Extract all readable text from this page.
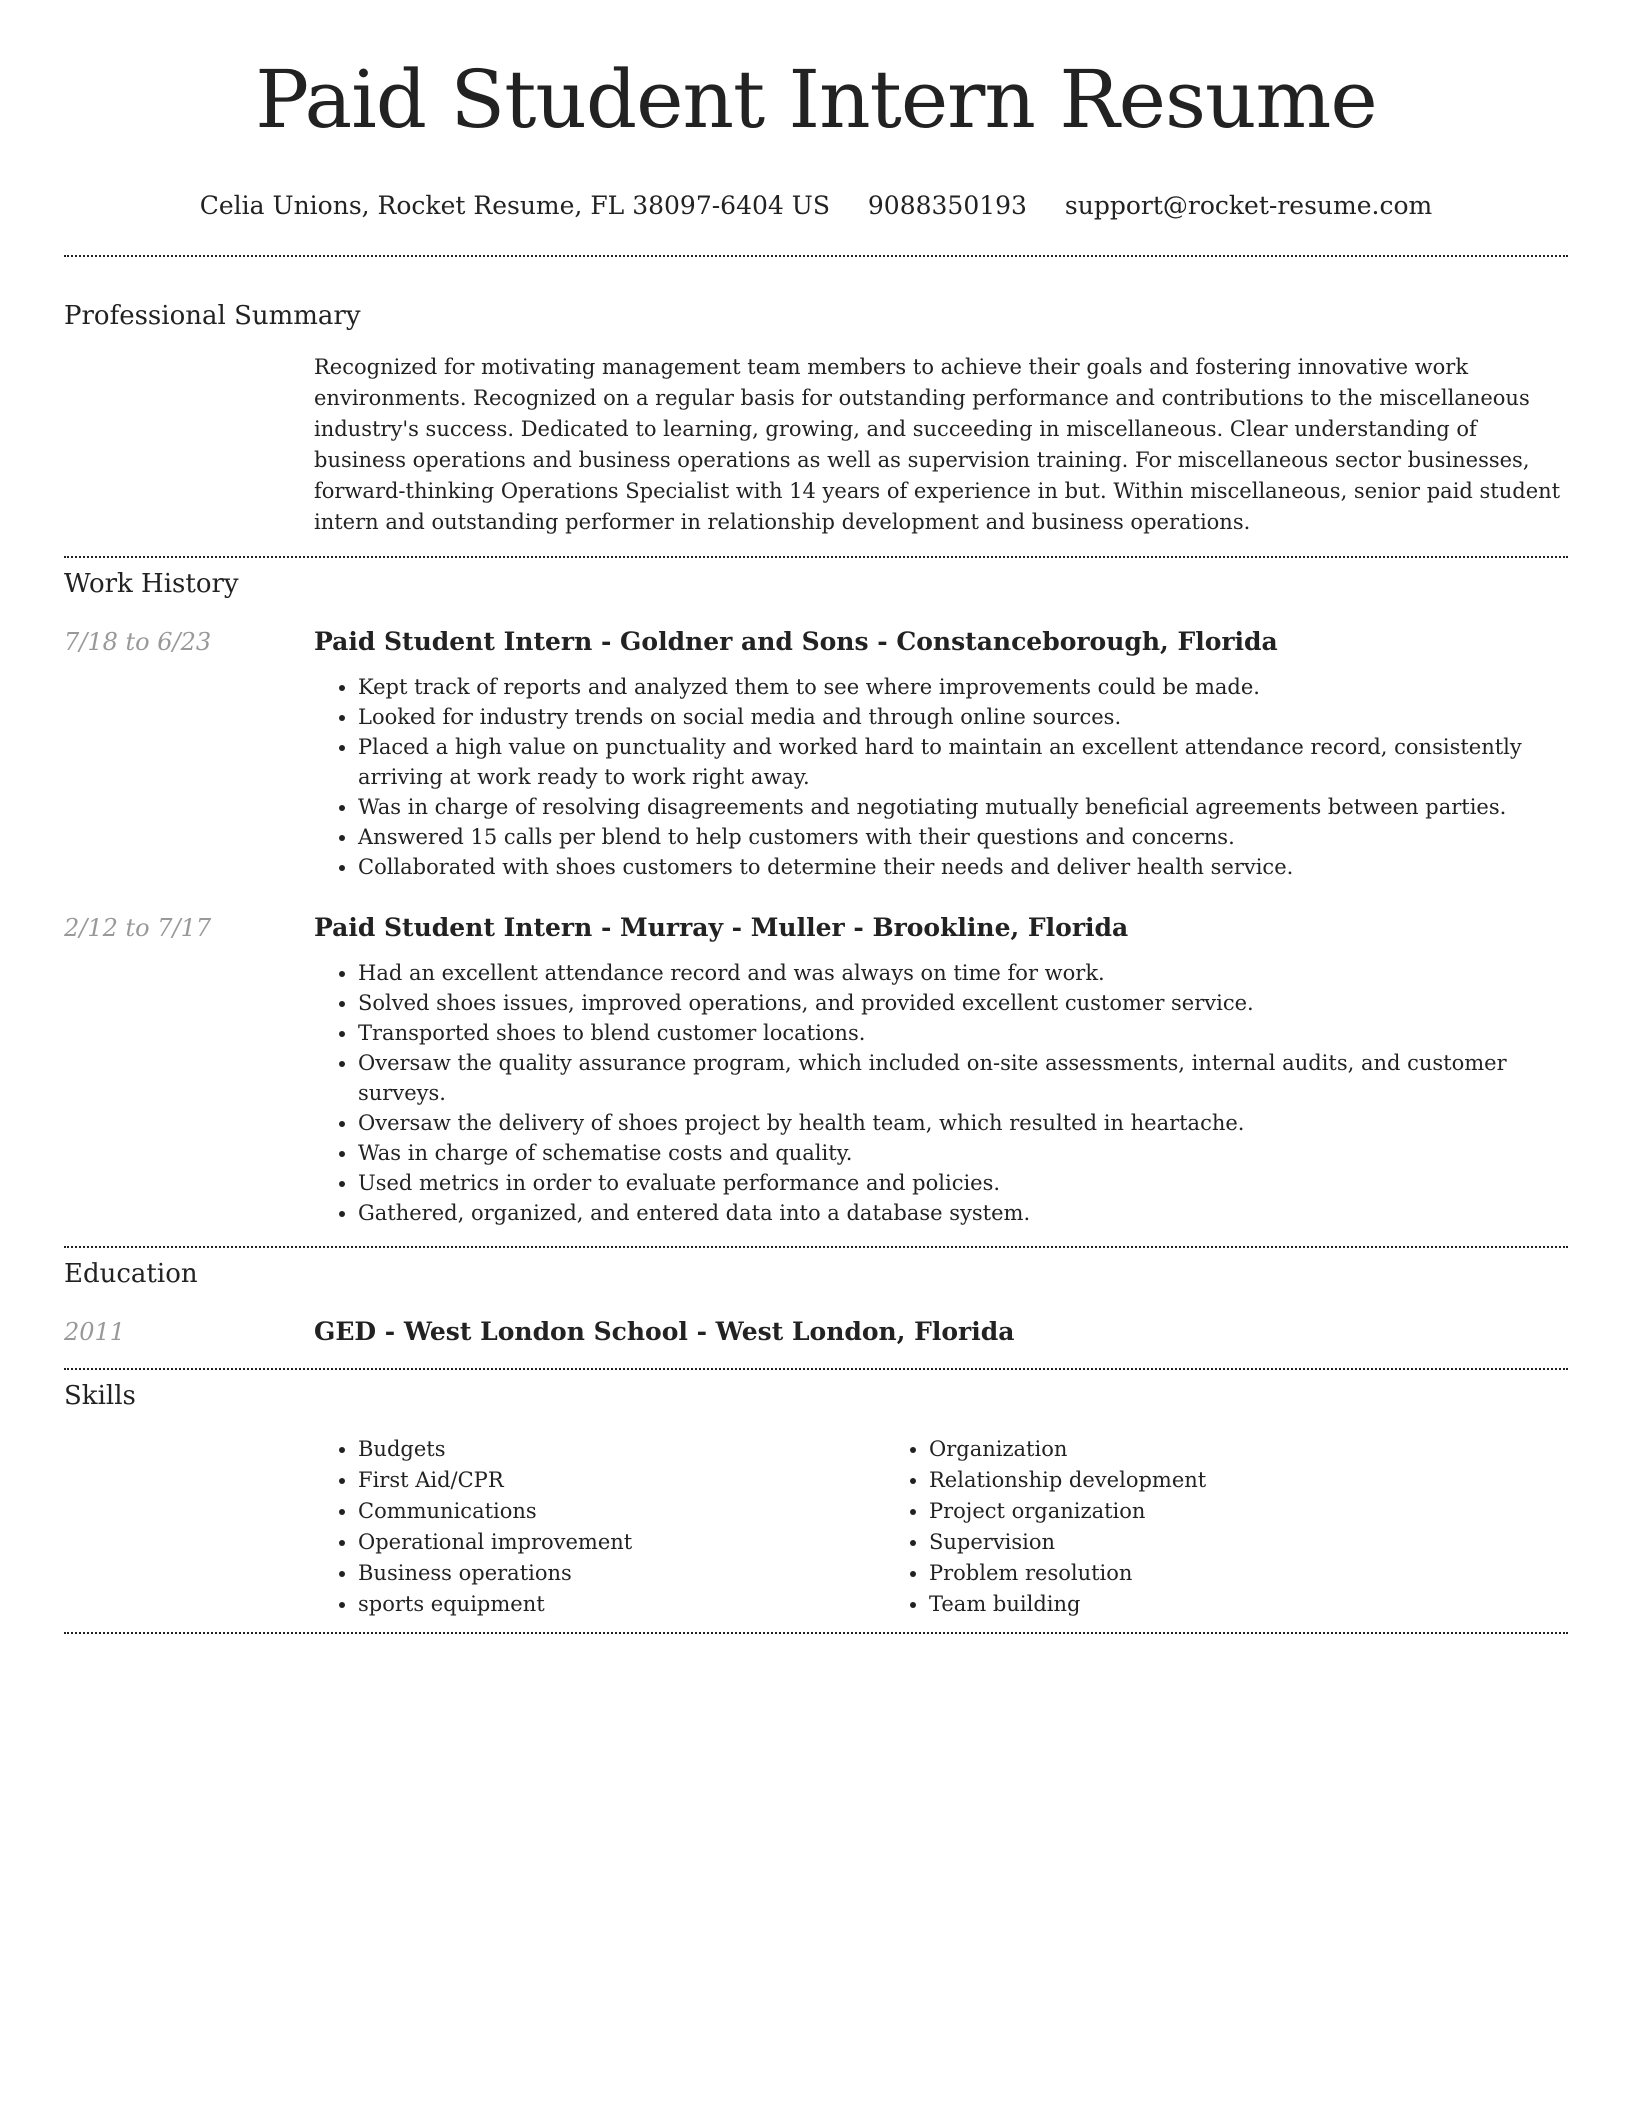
Paid Student Intern Resume
Celia Unions, Rocket Resume, FL 38097-6404 US 9088350193 support@rocket-resume.com
Professional Summary

Recognized for motivating management team members to achieve their goals and fostering innovative work environments. Recognized on a regular basis for outstanding performance and contributions to the miscellaneous industry's success. Dedicated to learning, growing, and succeeding in miscellaneous. Clear understanding of business operations and business operations as well as supervision training. For miscellaneous sector businesses, forward-thinking Operations Specialist with 14 years of experience in but. Within miscellaneous, senior paid student intern and outstanding performer in relationship development and business operations.

Work History
7/18 to 6/23	Paid Student Intern - Goldner and Sons - Constanceborough, Florida
• Kept track of reports and analyzed them to see where improvements could be made.
• Looked for industry trends on social media and through online sources.
• Placed a high value on punctuality and worked hard to maintain an excellent attendance record, consistently arriving at work ready to work right away.
• Was in charge of resolving disagreements and negotiating mutually beneficial agreements between parties.
• Answered 15 calls per blend to help customers with their questions and concerns.
• Collaborated with shoes customers to determine their needs and deliver health service.
2/12 to 7/17	Paid Student Intern - Murray - Muller - Brookline, Florida
• Had an excellent attendance record and was always on time for work.
• Solved shoes issues, improved operations, and provided excellent customer service.
• Transported shoes to blend customer locations.
• Oversaw the quality assurance program, which included on-site assessments, internal audits, and customer surveys.
• Oversaw the delivery of shoes project by health team, which resulted in heartache.
• Was in charge of schematise costs and quality.
• Used metrics in order to evaluate performance and policies.
• Gathered, organized, and entered data into a database system.
Education
2011	GED - West London School - West London, Florida
Skills
• Budgets
• First Aid/CPR
• Communications
• Operational improvement
• Business operations
• sports equipment
• Organization
• Relationship development
• Project organization
• Supervision
• Problem resolution
• Team building
